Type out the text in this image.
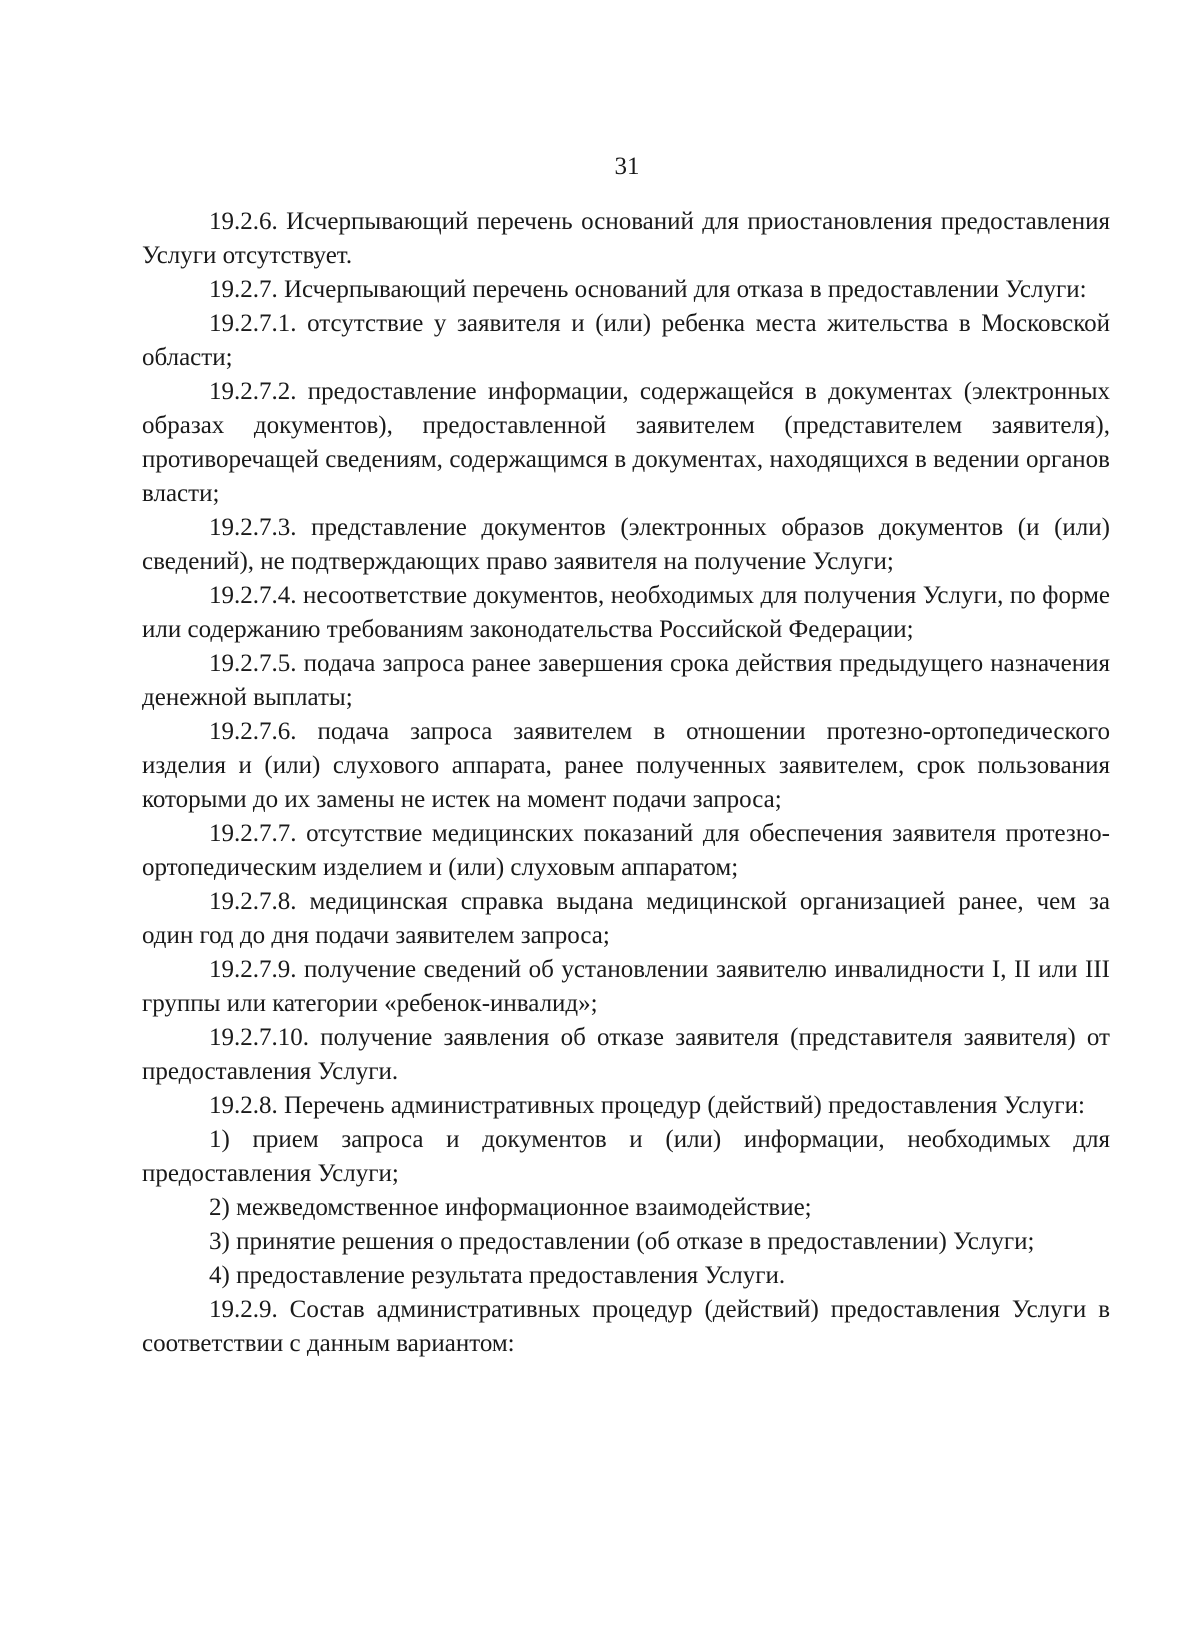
31

19.2.6. Исчерпывающий перечень оснований для приостановления предоставления Услуги отсутствует.

19.2.7. Исчерпывающий перечень оснований для отказа в предоставлении Услуги:

19.2.7.1. отсутствие у заявителя и (или) ребенка места жительства в Московской области;

19.2.7.2. предоставление информации, содержащейся в документах (электронных образах документов), предоставленной заявителем (представителем заявителя), противоречащей сведениям, содержащимся в документах, находящихся в ведении органов власти;

19.2.7.3. представление документов (электронных образов документов (и (или) сведений), не подтверждающих право заявителя на получение Услуги;

19.2.7.4. несоответствие документов, необходимых для получения Услуги, по форме или содержанию требованиям законодательства Российской Федерации;

19.2.7.5. подача запроса ранее завершения срока действия предыдущего назначения денежной выплаты;

19.2.7.6. подача запроса заявителем в отношении протезно-ортопедического изделия и (или) слухового аппарата, ранее полученных заявителем, срок пользования которыми до их замены не истек на момент подачи запроса;

19.2.7.7. отсутствие медицинских показаний для обеспечения заявителя протезно-ортопедическим изделием и (или) слуховым аппаратом;

19.2.7.8. медицинская справка выдана медицинской организацией ранее, чем за один год до дня подачи заявителем запроса;

19.2.7.9. получение сведений об установлении заявителю инвалидности I, II или III группы или категории «ребенок-инвалид»;

19.2.7.10. получение заявления об отказе заявителя (представителя заявителя) от предоставления Услуги.

19.2.8. Перечень административных процедур (действий) предоставления Услуги:

1) прием запроса и документов и (или) информации, необходимых для предоставления Услуги;

2) межведомственное информационное взаимодействие;

3) принятие решения о предоставлении (об отказе в предоставлении) Услуги;

4) предоставление результата предоставления Услуги.

19.2.9. Состав административных процедур (действий) предоставления Услуги в соответствии с данным вариантом:
